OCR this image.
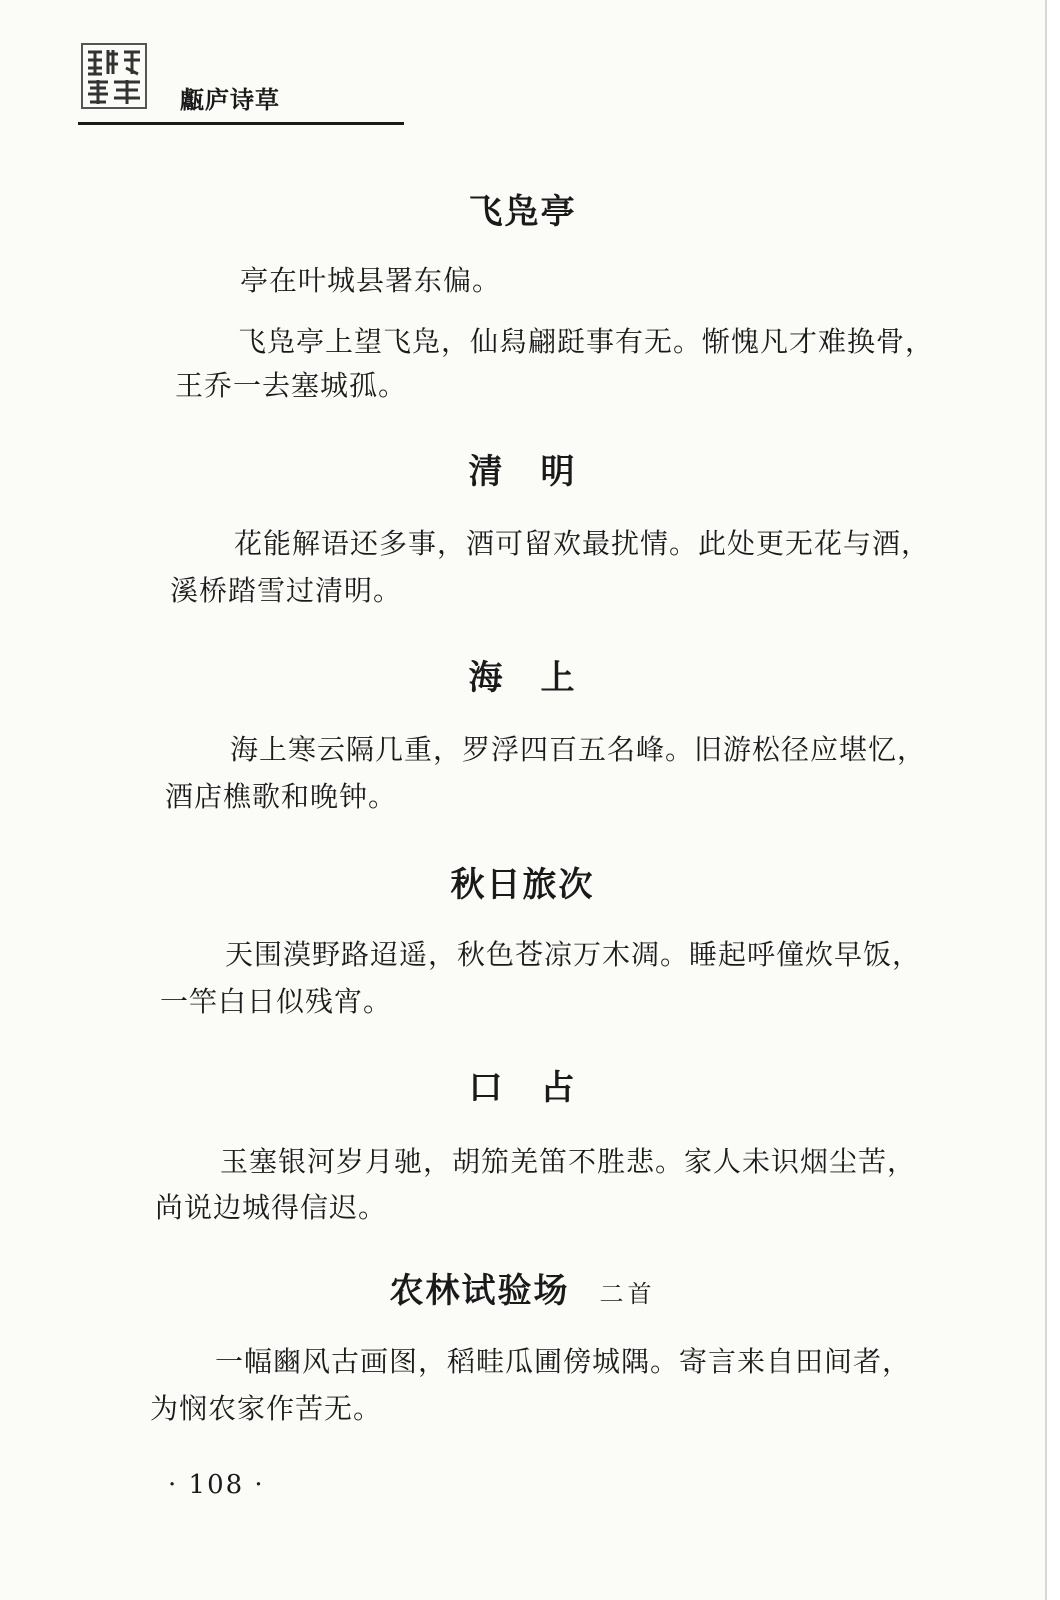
甗庐诗草
飞凫亭
亭在叶城县署东偏。
飞凫亭上望飞凫，仙舄翩跹事有无。惭愧凡才难换骨，
王乔一去塞城孤。
清　明
花能解语还多事，酒可留欢最扰情。此处更无花与酒，
溪桥踏雪过清明。
海　上
海上寒云隔几重，罗浮四百五名峰。旧游松径应堪忆，
酒店樵歌和晚钟。
秋日旅次
天围漠野路迢遥，秋色苍凉万木凋。睡起呼僮炊早饭，
一竿白日似残宵。
口　占
玉塞银河岁月驰，胡笳羌笛不胜悲。家人未识烟尘苦，
尚说边城得信迟。
农林试验场 二首
一幅豳风古画图，稻畦瓜圃傍城隅。寄言来自田间者，
为悯农家作苦无。
· 108 ·
